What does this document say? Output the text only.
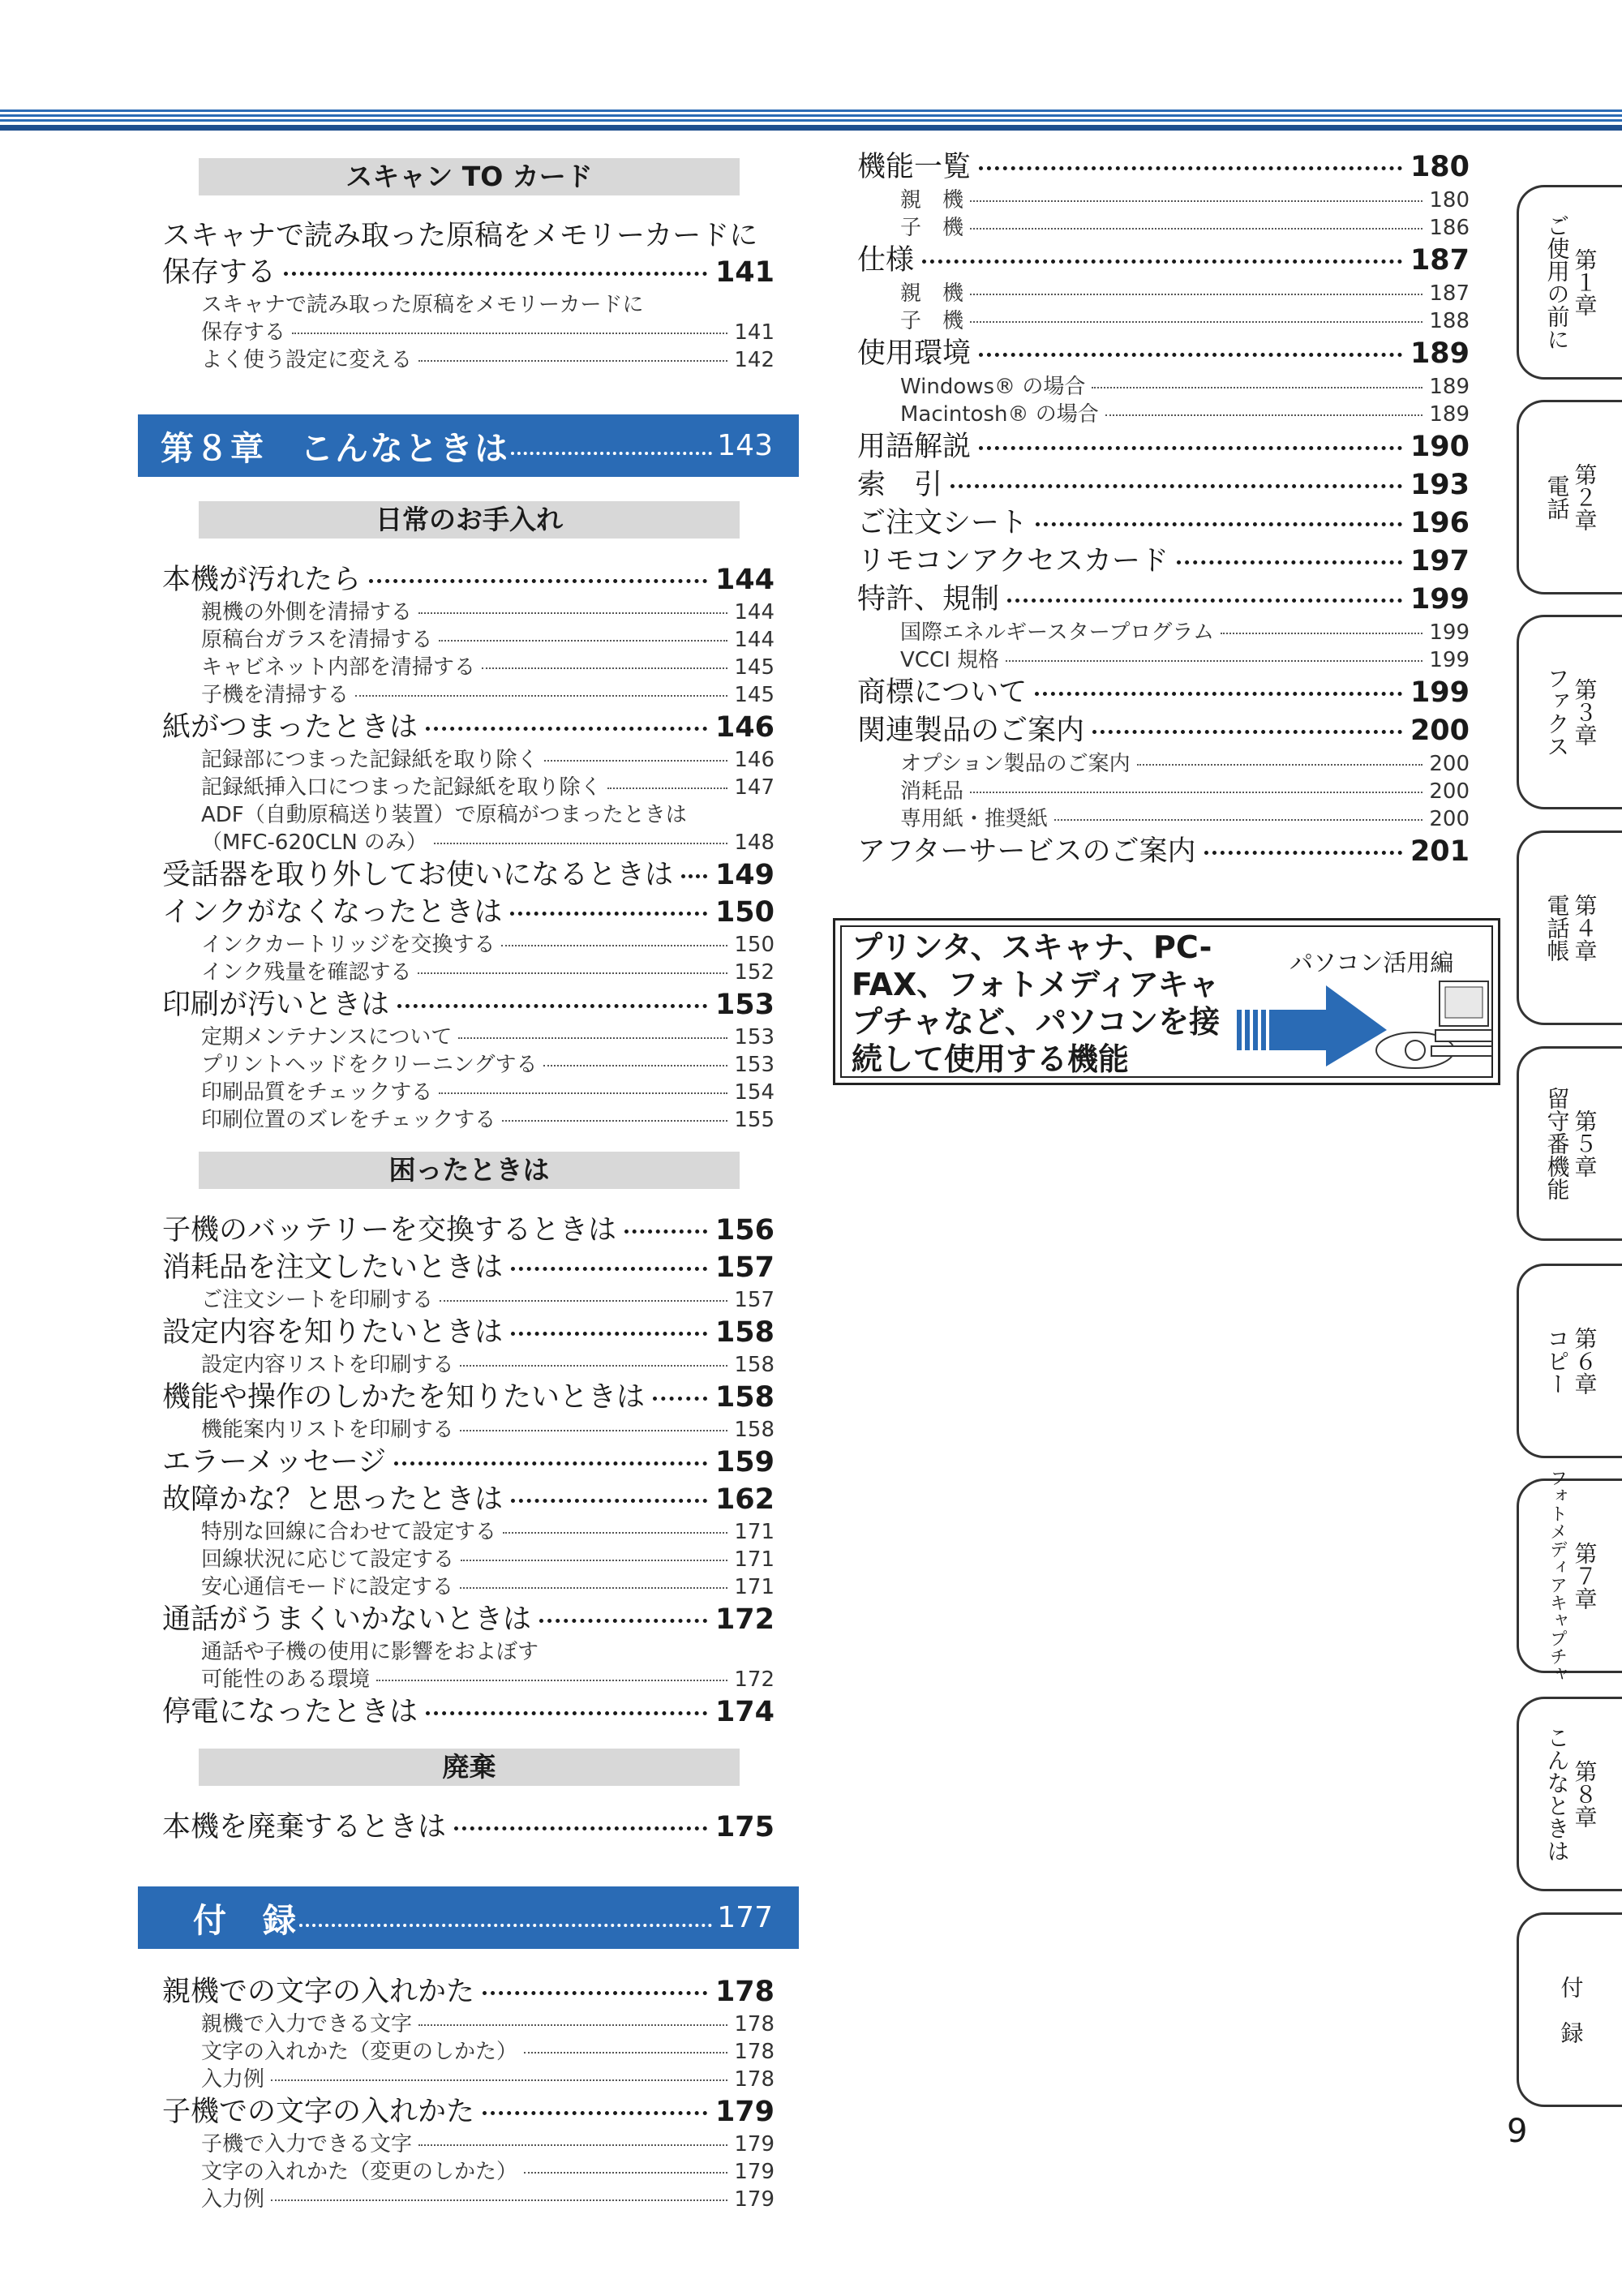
スキャン TO カード
スキャナで読み取った原稿をメモリーカードに
保存する	141
スキャナで読み取った原稿をメモリーカードに
保存する	141
よく使う設定に変える	142
第８章　こんなときは	143
日常のお手入れ
本機が汚れたら	144
親機の外側を清掃する	144
原稿台ガラスを清掃する	144
キャビネット内部を清掃する	145
子機を清掃する	145
紙がつまったときは	146
記録部につまった記録紙を取り除く	146
記録紙挿入口につまった記録紙を取り除く	147
ADF（自動原稿送り装置）で原稿がつまったときは
（MFC-620CLN のみ）	148
受話器を取り外してお使いになるときは 149
インクがなくなったときは	150
インクカートリッジを交換する	150
インク残量を確認する	152
印刷が汚いときは	153
定期メンテナンスについて	153
プリントヘッドをクリーニングする	153
印刷品質をチェックする	154
印刷位置のズレをチェックする	155
困ったときは
子機のバッテリーを交換するときは	156
消耗品を注文したいときは	157
ご注文シートを印刷する	157
設定内容を知りたいときは	158
設定内容リストを印刷する	158
機能や操作のしかたを知りたいときは 158
機能案内リストを印刷する	158
エラーメッセージ	159
故障かな？と思ったときは	162
特別な回線に合わせて設定する	171
回線状況に応じて設定する	171
安心通信モードに設定する	171
通話がうまくいかないときは	172
通話や子機の使用に影響をおよぼす
可能性のある環境	172
停電になったときは	174
廃棄
本機を廃棄するときは	175
付　録	177
親機での文字の入れかた	178
親機で入力できる文字	178
文字の入れかた（変更のしかた）	178
入力例	178
子機での文字の入れかた	179
子機で入力できる文字	179
文字の入れかた（変更のしかた）	179
入力例	179
機能一覧	180
親　機	180
子　機	186
仕様	187
親　機	187
子　機	188
使用環境	189
Windows® の場合	189
Macintosh® の場合	189
用語解説	190
索　引	193
ご注文シート	196
リモコンアクセスカード	197
特許、規制	199
国際エネルギースタープログラム	199
VCCI 規格	199
商標について	199
関連製品のご案内	200
オプション製品のご案内	200
消耗品	200
専用紙・推奨紙	200
アフターサービスのご案内	201
プリンタ、スキャナ、PC-
FAX、フォトメディアキャ
プチャなど、パソコンを接
続して使用する機能
パソコン活用編
第１章
ご使用の前に
第２章
電話
第３章
ファクス
第４章
電話帳
第５章
留守番機能
第６章
コピー
第７章
フォトメディアキャプチャ
第８章
こんなときは
付　録
9
